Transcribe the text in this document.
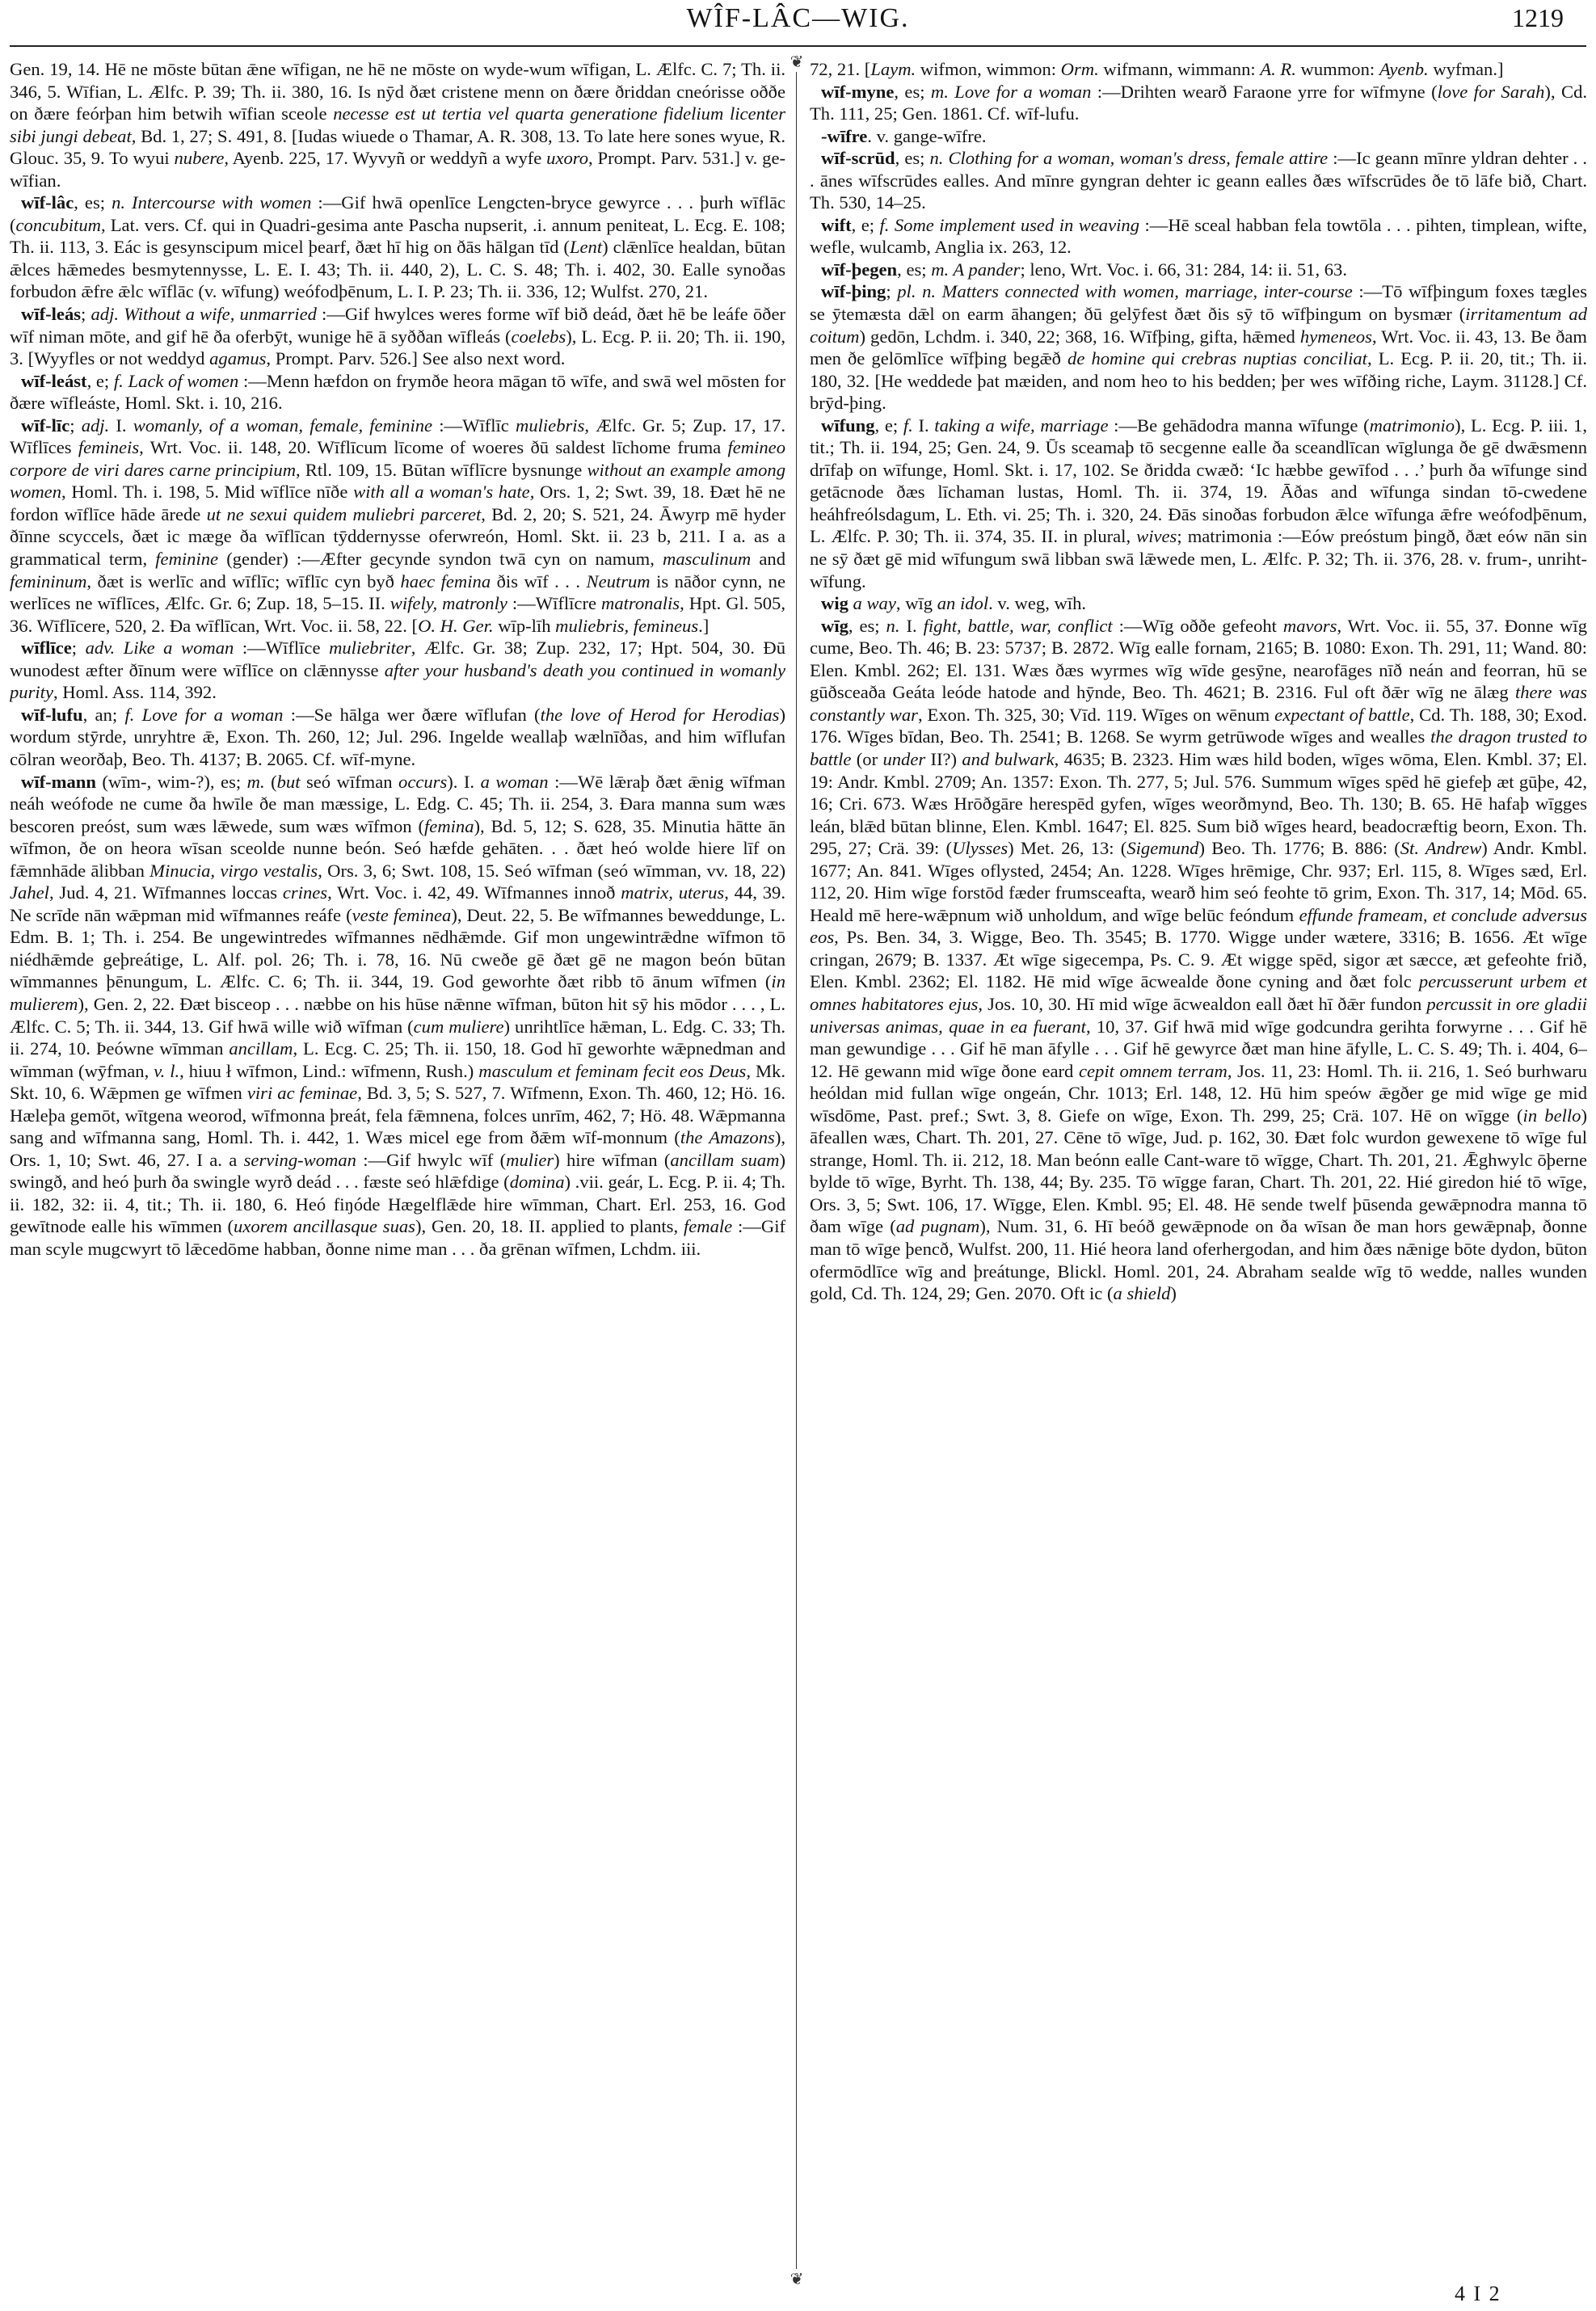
WÎF-LÂC—WIG.	1219

Gen. 19, 14. Hē ne mōste būtan ǣne wīfigan, ne hē ne mōste on wyde-wum wīfigan, L. Ælfc. C. 7; Th. ii. 346, 5. Wīfian, L. Ælfc. P. 39; Th. ii. 380, 16. Is nȳd ðæt cristene menn on ðære ðriddan cneórisse oððe on ðære feórþan him betwih wīfian sceole necesse est ut tertia vel quarta generatione fidelium licenter sibi jungi debeat, Bd. 1, 27; S. 491, 8. [Iudas wiuede o Thamar, A. R. 308, 13. To late here sones wyue, R. Glouc. 35, 9. To wyui nubere, Ayenb. 225, 17. Wyvyñ or weddyñ a wyfe uxoro, Prompt. Parv. 531.] v. ge-wīfian.

wīf-lâc, es; n. Intercourse with women :—Gif hwā openlīce Lengcten-bryce gewyrce . . . þurh wīflāc (concubitum, Lat. vers. Cf. qui in Quadri-gesima ante Pascha nupserit, .i. annum peniteat, L. Ecg. E. 108; Th. ii. 113, 3. Eác is gesynscipum micel þearf, ðæt hī hig on ðās hālgan tīd (Lent) clǣnlīce healdan, būtan ǣlces hǣmedes besmytennysse, L. E. I. 43; Th. ii. 440, 2), L. C. S. 48; Th. i. 402, 30. Ealle synoðas forbudon ǣfre ǣlc wīflāc (v. wīfung) weófodþēnum, L. I. P. 23; Th. ii. 336, 12; Wulfst. 270, 21.

wīf-leás; adj. Without a wife, unmarried :—Gif hwylces weres forme wīf bið deád, ðæt hē be leáfe ōðer wīf niman mōte, and gif hē ða oferbȳt, wunige hē ā syððan wīfleás (coelebs), L. Ecg. P. ii. 20; Th. ii. 190, 3. [Wyyfles or not weddyd agamus, Prompt. Parv. 526.] See also next word.

wīf-leást, e; f. Lack of women :—Menn hæfdon on frymðe heora māgan tō wīfe, and swā wel mōsten for ðære wīfleáste, Homl. Skt. i. 10, 216.

wīf-līc; adj. I. womanly, of a woman, female, feminine :—Wīflīc muliebris, Ælfc. Gr. 5; Zup. 17, 17. Wīflīces femineis, Wrt. Voc. ii. 148, 20. Wīflīcum līcome of woeres ðū saldest līchome fruma femineo corpore de viri dares carne principium, Rtl. 109, 15. Būtan wīflīcre bysnunge without an example among women, Homl. Th. i. 198, 5. Mid wīflīce nīðe with all a woman's hate, Ors. 1, 2; Swt. 39, 18. Ðæt hē ne fordon wīflīce hāde ārede ut ne sexui quidem muliebri parceret, Bd. 2, 20; S. 521, 24. Āwyrp mē hyder ðīnne scyccels, ðæt ic mæge ða wīflīcan tȳddernysse oferwreón, Homl. Skt. ii. 23 b, 211. I a. as a grammatical term, feminine (gender) :—Æfter gecynde syndon twā cyn on namum, masculinum and femininum, ðæt is werlīc and wīflīc; wīflīc cyn byð haec femina ðis wīf . . . Neutrum is nāðor cynn, ne werlīces ne wīflīces, Ælfc. Gr. 6; Zup. 18, 5–15. II. wifely, matronly :—Wīflīcre matronalis, Hpt. Gl. 505, 36. Wīflīcere, 520, 2. Ða wīflīcan, Wrt. Voc. ii. 58, 22. [O. H. Ger. wīp-līh muliebris, femineus.]

wīflīce; adv. Like a woman :—Wīflīce muliebriter, Ælfc. Gr. 38; Zup. 232, 17; Hpt. 504, 30. Ðū wunodest æfter ðīnum were wīflīce on clǣnnysse after your husband's death you continued in womanly purity, Homl. Ass. 114, 392.

wīf-lufu, an; f. Love for a woman :—Se hālga wer ðære wīflufan (the love of Herod for Herodias) wordum stȳrde, unryhtre ǣ, Exon. Th. 260, 12; Jul. 296. Ingelde weallaþ wælnīðas, and him wīflufan cōlran weorðaþ, Beo. Th. 4137; B. 2065. Cf. wīf-myne.

wīf-mann (wīm-, wim-?), es; m. (but seó wīfman occurs). I. a woman :—Wē lǣraþ ðæt ǣnig wīfman neáh weófode ne cume ða hwīle ðe man mæssige, L. Edg. C. 45; Th. ii. 254, 3. Ðara manna sum wæs bescoren preóst, sum wæs lǣwede, sum wæs wīfmon (femina), Bd. 5, 12; S. 628, 35. Minutia hātte ān wīfmon, ðe on heora wīsan sceolde nunne beón. Seó hæfde gehāten. . . ðæt heó wolde hiere līf on fǣmnhāde ālibban Minucia, virgo vestalis, Ors. 3, 6; Swt. 108, 15. Seó wīfman (seó wīmman, vv. 18, 22) Jahel, Jud. 4, 21. Wīfmannes loccas crines, Wrt. Voc. i. 42, 49. Wīfmannes innoð matrix, uterus, 44, 39. Ne scrīde nān wǣpman mid wīfmannes reáfe (veste feminea), Deut. 22, 5. Be wīfmannes beweddunge, L. Edm. B. 1; Th. i. 254. Be ungewintredes wīfmannes nēdhǣmde. Gif mon ungewintrǣdne wīfmon tō niédhǣmde geþreátige, L. Alf. pol. 26; Th. i. 78, 16. Nū cweðe gē ðæt gē ne magon beón būtan wīmmannes þēnungum, L. Ælfc. C. 6; Th. ii. 344, 19. God geworhte ðæt ribb tō ānum wīfmen (in mulierem), Gen. 2, 22. Ðæt bisceop . . . næbbe on his hūse nǣnne wīfman, būton hit sȳ his mōdor . . . , L. Ælfc. C. 5; Th. ii. 344, 13. Gif hwā wille wið wīfman (cum muliere) unrihtlīce hǣman, L. Edg. C. 33; Th. ii. 274, 10. Þeówne wīmman ancillam, L. Ecg. C. 25; Th. ii. 150, 18. God hī geworhte wǣpnedman and wīmman (wȳfman, v. l., hiuu ł wīfmon, Lind.: wīfmenn, Rush.) masculum et feminam fecit eos Deus, Mk. Skt. 10, 6. Wǣpmen ge wīfmen viri ac feminae, Bd. 3, 5; S. 527, 7. Wīfmenn, Exon. Th. 460, 12; Hö. 16. Hæleþa gemōt, wītgena weorod, wīfmonna þreát, fela fǣmnena, folces unrīm, 462, 7; Hö. 48. Wǣpmanna sang and wīfmanna sang, Homl. Th. i. 442, 1. Wæs micel ege from ðǣm wīf-monnum (the Amazons), Ors. 1, 10; Swt. 46, 27. I a. a serving-woman :—Gif hwylc wīf (mulier) hire wīfman (ancillam suam) swingð, and heó þurh ða swingle wyrð deád . . . fæste seó hlǣfdige (domina) .vii. geár, L. Ecg. P. ii. 4; Th. ii. 182, 32: ii. 4, tit.; Th. ii. 180, 6. Heó fiŋóde Hægelflǣde hire wīmman, Chart. Erl. 253, 16. God gewītnode ealle his wīmmen (uxorem ancillasque suas), Gen. 20, 18. II. applied to plants, female :—Gif man scyle mugcwyrt tō lǣcedōme habban, ðonne nime man . . . ða grēnan wīfmen, Lchdm. iii.

❦
❦

72, 21. [Laym. wifmon, wimmon: Orm. wifmann, wimmann: A. R. wummon: Ayenb. wyfman.]

wīf-myne, es; m. Love for a woman :—Drihten wearð Faraone yrre for wīfmyne (love for Sarah), Cd. Th. 111, 25; Gen. 1861. Cf. wīf-lufu.

-wīfre. v. gange-wīfre.

wīf-scrūd, es; n. Clothing for a woman, woman's dress, female attire :—Ic geann mīnre yldran dehter . . . ānes wīfscrūdes ealles. And mīnre gyngran dehter ic geann ealles ðæs wīfscrūdes ðe tō lāfe bið, Chart. Th. 530, 14–25.

wift, e; f. Some implement used in weaving :—Hē sceal habban fela towtōla . . . pihten, timplean, wifte, wefle, wulcamb, Anglia ix. 263, 12.

wīf-þegen, es; m. A pander; leno, Wrt. Voc. i. 66, 31: 284, 14: ii. 51, 63.

wīf-þing; pl. n. Matters connected with women, marriage, inter-course :—Tō wīfþingum foxes tægles se ȳtemæsta dǣl on earm āhangen; ðū gelȳfest ðæt ðis sȳ tō wīfþingum on bysmær (irritamentum ad coitum) gedōn, Lchdm. i. 340, 22; 368, 16. Wīfþing, gifta, hǣmed hymeneos, Wrt. Voc. ii. 43, 13. Be ðam men ðe gelōmlīce wīfþing begǣð de homine qui crebras nuptias conciliat, L. Ecg. P. ii. 20, tit.; Th. ii. 180, 32. [He weddede þat mæiden, and nom heo to his bedden; þer wes wīfðing riche, Laym. 31128.] Cf. brȳd-þing.

wīfung, e; f. I. taking a wife, marriage :—Be gehādodra manna wīfunge (matrimonio), L. Ecg. P. iii. 1, tit.; Th. ii. 194, 25; Gen. 24, 9. Ūs sceamaþ tō secgenne ealle ða sceandlīcan wīglunga ðe gē dwǣsmenn drīfaþ on wīfunge, Homl. Skt. i. 17, 102. Se ðridda cwæð: ‘Ic hæbbe gewīfod . . .’ þurh ða wīfunge sind getācnode ðæs līchaman lustas, Homl. Th. ii. 374, 19. Āðas and wīfunga sindan tō-cwedene heáhfreólsdagum, L. Eth. vi. 25; Th. i. 320, 24. Ðās sinoðas forbudon ǣlce wīfunga ǣfre weófodþēnum, L. Ælfc. P. 30; Th. ii. 374, 35. II. in plural, wives; matrimonia :—Eów preóstum þingð, ðæt eów nān sin ne sȳ ðæt gē mid wīfungum swā libban swā lǣwede men, L. Ælfc. P. 32; Th. ii. 376, 28. v. frum-, unriht-wīfung.

wig a way, wīg an idol. v. weg, wīh.

wīg, es; n. I. fight, battle, war, conflict :—Wīg oððe gefeoht mavors, Wrt. Voc. ii. 55, 37. Ðonne wīg cume, Beo. Th. 46; B. 23: 5737; B. 2872. Wīg ealle fornam, 2165; B. 1080: Exon. Th. 291, 11; Wand. 80: Elen. Kmbl. 262; El. 131. Wæs ðæs wyrmes wīg wīde gesȳne, nearofāges nīð neán and feorran, hū se gūðsceaða Geáta leóde hatode and hȳnde, Beo. Th. 4621; B. 2316. Ful oft ðǣr wīg ne ālæg there was constantly war, Exon. Th. 325, 30; Vīd. 119. Wīges on wēnum expectant of battle, Cd. Th. 188, 30; Exod. 176. Wīges bīdan, Beo. Th. 2541; B. 1268. Se wyrm getrūwode wīges and wealles the dragon trusted to battle (or under II?) and bulwark, 4635; B. 2323. Him wæs hild boden, wīges wōma, Elen. Kmbl. 37; El. 19: Andr. Kmbl. 2709; An. 1357: Exon. Th. 277, 5; Jul. 576. Summum wīges spēd hē giefeþ æt gūþe, 42, 16; Cri. 673. Wæs Hrōðgāre herespēd gyfen, wīges weorðmynd, Beo. Th. 130; B. 65. Hē hafaþ wīgges leán, blǣd būtan blinne, Elen. Kmbl. 1647; El. 825. Sum bið wīges heard, beadocræftig beorn, Exon. Th. 295, 27; Crä. 39: (Ulysses) Met. 26, 13: (Sigemund) Beo. Th. 1776; B. 886: (St. Andrew) Andr. Kmbl. 1677; An. 841. Wīges oflysted, 2454; An. 1228. Wīges hrēmige, Chr. 937; Erl. 115, 8. Wīges sæd, Erl. 112, 20. Him wīge forstōd fæder frumsceafta, wearð him seó feohte tō grim, Exon. Th. 317, 14; Mōd. 65. Heald mē here-wǣpnum wið unholdum, and wīge belūc feóndum effunde frameam, et conclude adversus eos, Ps. Ben. 34, 3. Wigge, Beo. Th. 3545; B. 1770. Wigge under wætere, 3316; B. 1656. Æt wīge cringan, 2679; B. 1337. Æt wīge sigecempa, Ps. C. 9. Æt wigge spēd, sigor æt sæcce, æt gefeohte frið, Elen. Kmbl. 2362; El. 1182. Hē mid wīge ācwealde ðone cyning and ðæt folc percusserunt urbem et omnes habitatores ejus, Jos. 10, 30. Hī mid wīge ācwealdon eall ðæt hī ðǣr fundon percussit in ore gladii universas animas, quae in ea fuerant, 10, 37. Gif hwā mid wīge godcundra gerihta forwyrne . . . Gif hē man gewundige . . . Gif hē man āfylle . . . Gif hē gewyrce ðæt man hine āfylle, L. C. S. 49; Th. i. 404, 6–12. Hē gewann mid wīge ðone eard cepit omnem terram, Jos. 11, 23: Homl. Th. ii. 216, 1. Seó burhwaru heóldan mid fullan wīge ongeán, Chr. 1013; Erl. 148, 12. Hū him speów ǣgðer ge mid wīge ge mid wīsdōme, Past. pref.; Swt. 3, 8. Giefe on wīge, Exon. Th. 299, 25; Crä. 107. Hē on wīgge (in bello) āfeallen wæs, Chart. Th. 201, 27. Cēne tō wīge, Jud. p. 162, 30. Ðæt folc wurdon gewexene tō wīge ful strange, Homl. Th. ii. 212, 18. Man beónn ealle Cant-ware tō wīgge, Chart. Th. 201, 21. Ǣghwylc ōþerne bylde tō wīge, Byrht. Th. 138, 44; By. 235. Tō wīgge faran, Chart. Th. 201, 22. Hié giredon hié tō wīge, Ors. 3, 5; Swt. 106, 17. Wīgge, Elen. Kmbl. 95; El. 48. Hē sende twelf þūsenda gewǣpnodra manna tō ðam wīge (ad pugnam), Num. 31, 6. Hī beóð gewǣpnode on ða wīsan ðe man hors gewǣpnaþ, ðonne man tō wīge þencð, Wulfst. 200, 11. Hié heora land oferhergodan, and him ðæs nǣnige bōte dydon, būton ofermōdlīce wīg and þreátunge, Blickl. Homl. 201, 24. Abraham sealde wīg tō wedde, nalles wunden gold, Cd. Th. 124, 29; Gen. 2070. Oft ic (a shield)

4 I 2
